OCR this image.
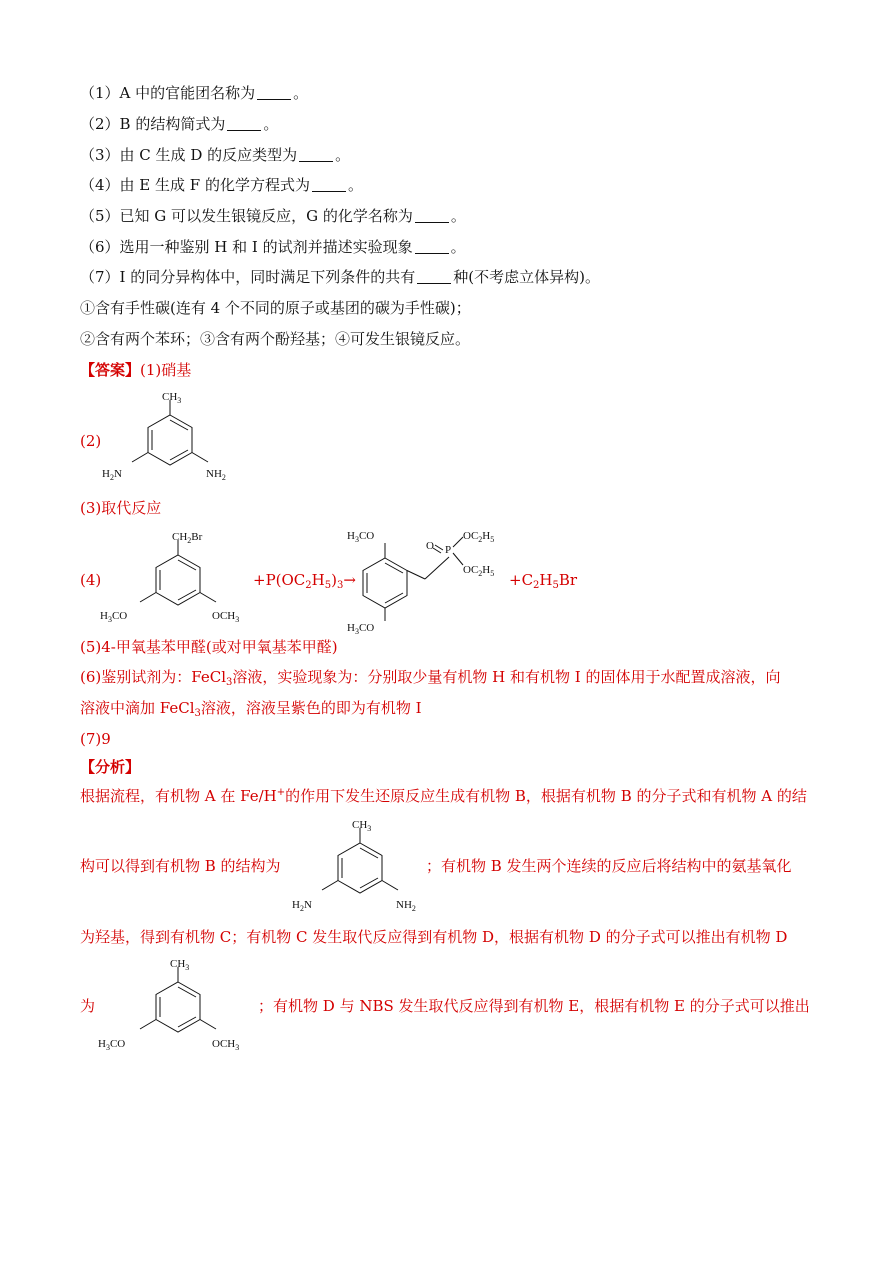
（1）A 中的官能团名称为	。
（2）B 的结构简式为	。
（3）由 C 生成 D 的反应类型为	。
（4）由 E 生成 F 的化学方程式为	。
（5）已知 G 可以发生银镜反应，G 的化学名称为	。
（6）选用一种鉴别 H 和 I 的试剂并描述实验现象	。
（7）I 的同分异构体中，同时满足下列条件的共有	种(不考虑立体异构)。
①含有手性碳(连有 4 个不同的原子或基团的碳为手性碳)；
②含有两个苯环；③含有两个酚羟基；④可发生银镜反应。
【答案】(1)硝基
(2)
$CH_3$
$H_2N$	$NH_2$
(3)取代反应
(4)
$CH_2Br$
$H_3CO$	$OCH_3$
$+P(OC_2H_5)_3\to$
$H_3CO$
$H_3CO$
O P
$OC_2H_5$
$OC_2H_5 +C_2H_5Br$
(5)4-甲氧基苯甲醛(或对甲氧基苯甲醛)
(6)鉴别试剂为：FeCl$_3$溶液，实验现象为：分别取少量有机物 H 和有机物 I 的固体用于水配置成溶液，向
溶液中滴加 FeCl$_3$溶液，溶液呈紫色的即为有机物 I
(7)9
【分析】
根据流程，有机物 A 在 Fe/H+的作用下发生还原反应生成有机物 B，根据有机物 B 的分子式和有机物 A 的结
构可以得到有机物 B 的结构为
$CH_3$
$H_2N$	$NH_2$
；有机物 B 发生两个连续的反应后将结构中的氨基氧化
为羟基，得到有机物 C；有机物 C 发生取代反应得到有机物 D，根据有机物 D 的分子式可以推出有机物 D
为
$CH_3$
$H_3CO$	$OCH_3$
；有机物 D 与 NBS 发生取代反应得到有机物 E，根据有机物 E 的分子式可以推出
